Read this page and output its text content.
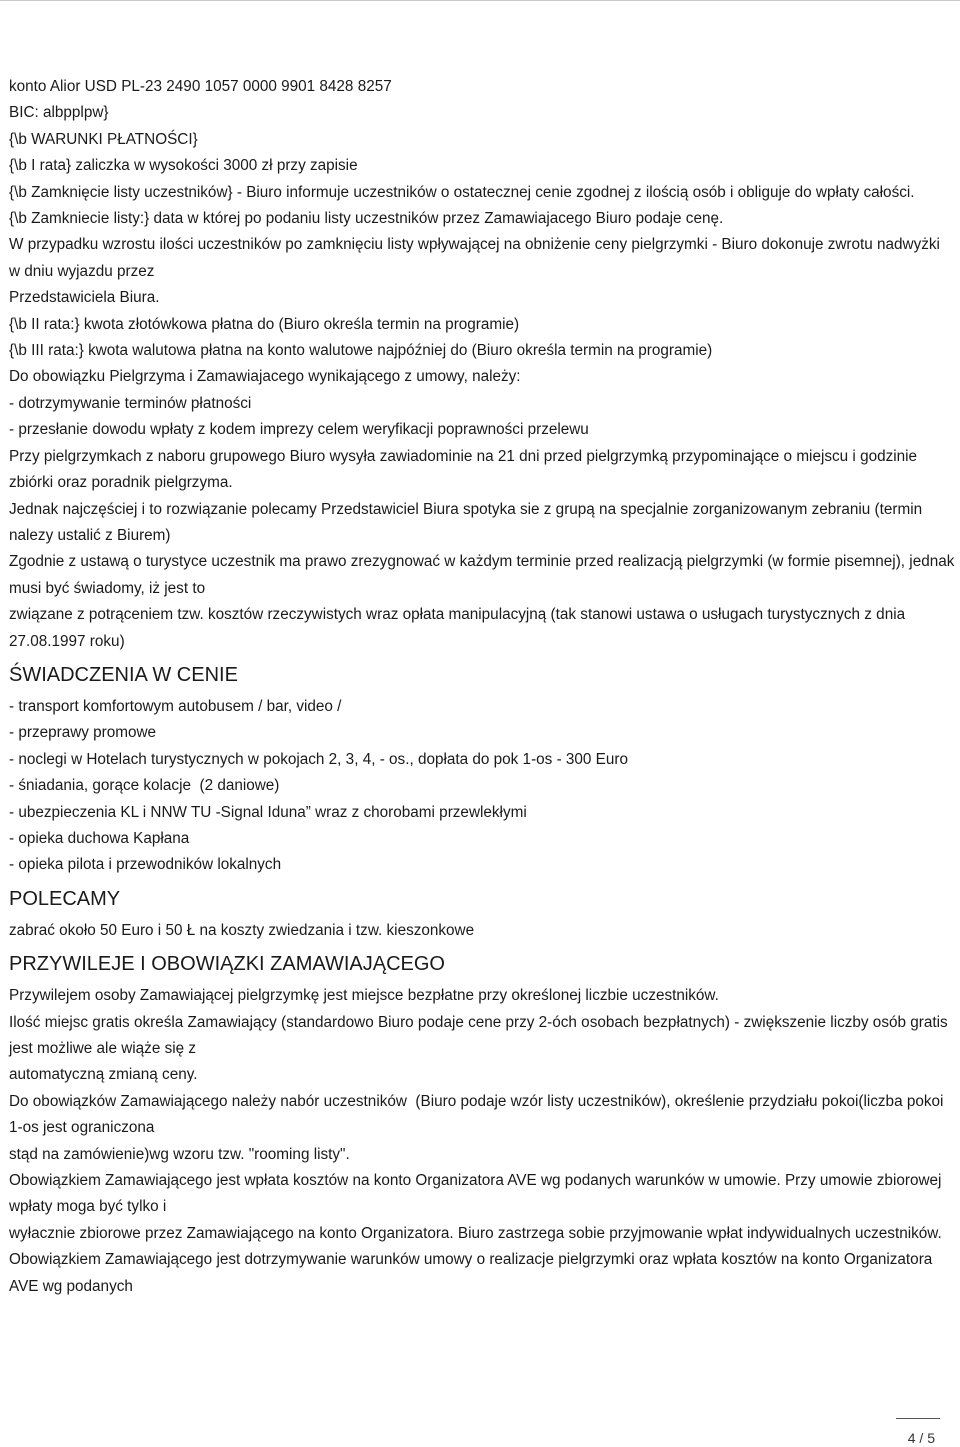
konto Alior USD PL-23 2490 1057 0000 9901 8428 8257
BIC: albpplpw}
{\b WARUNKI PŁATNOŚCI}
{\b I rata} zaliczka w wysokości 3000 zł przy zapisie
{\b Zamknięcie listy uczestników} - Biuro informuje uczestników o ostatecznej cenie zgodnej z ilością osób i obliguje do wpłaty całości.
{\b Zamkniecie listy:} data w której po podaniu listy uczestników przez Zamawiajacego Biuro podaje cenę.
W przypadku wzrostu ilości uczestników po zamknięciu listy wpływającej na obniżenie ceny pielgrzymki - Biuro dokonuje zwrotu nadwyżki w dniu wyjazdu przez
Przedstawiciela Biura.
{\b II rata:} kwota złotówkowa płatna do (Biuro określa termin na programie)
{\b III rata:} kwota walutowa płatna na konto walutowe najpóźniej do (Biuro określa termin na programie)
Do obowiązku Pielgrzyma i Zamawiajacego wynikającego z umowy, należy:
- dotrzymywanie terminów płatności
- przesłanie dowodu wpłaty z kodem imprezy celem weryfikacji poprawności przelewu
Przy pielgrzymkach z naboru grupowego Biuro wysyła zawiadominie na 21 dni przed pielgrzymką przypominające o miejscu i godzinie zbiórki oraz poradnik pielgrzyma.
Jednak najczęściej i to rozwiązanie polecamy Przedstawiciel Biura spotyka sie z grupą na specjalnie zorganizowanym zebraniu (termin nalezy ustalić z Biurem)
Zgodnie z ustawą o turystyce uczestnik ma prawo zrezygnować w każdym terminie przed realizacją pielgrzymki (w formie pisemnej), jednak musi być świadomy, iż jest to
związane z potrąceniem tzw. kosztów rzeczywistych wraz opłata manipulacyjną (tak stanowi ustawa o usługach turystycznych z dnia 27.08.1997 roku)
ŚWIADCZENIA W CENIE
- transport komfortowym autobusem / bar, video /
- przeprawy promowe
- noclegi w Hotelach turystycznych w pokojach 2, 3, 4, - os., dopłata do pok 1-os - 300 Euro
- śniadania, gorące kolacje  (2 daniowe)
- ubezpieczenia KL i NNW TU -Signal Iduna” wraz z chorobami przewlekłymi
- opieka duchowa Kapłana
- opieka pilota i przewodników lokalnych
POLECAMY
zabrać około 50 Euro i 50 Ł na koszty zwiedzania i tzw. kieszonkowe
PRZYWILEJE I OBOWIĄZKI ZAMAWIAJĄCEGO
Przywilejem osoby Zamawiającej pielgrzymkę jest miejsce bezpłatne przy określonej liczbie uczestników.
Ilość miejsc gratis określa Zamawiający (standardowo Biuro podaje cene przy 2-óch osobach bezpłatnych) - zwiększenie liczby osób gratis jest możliwe ale wiąże się z
automatyczną zmianą ceny.
Do obowiązków Zamawiającego należy nabór uczestników  (Biuro podaje wzór listy uczestników), określenie przydziału pokoi(liczba pokoi 1-os jest ograniczona
stąd na zamówienie)wg wzoru tzw. "rooming listy".
Obowiązkiem Zamawiającego jest wpłata kosztów na konto Organizatora AVE wg podanych warunków w umowie. Przy umowie zbiorowej wpłaty moga być tylko i
wyłacznie zbiorowe przez Zamawiającego na konto Organizatora. Biuro zastrzega sobie przyjmowanie wpłat indywidualnych uczestników.
Obowiązkiem Zamawiającego jest dotrzymywanie warunków umowy o realizacje pielgrzymki oraz wpłata kosztów na konto Organizatora AVE wg podanych
4 / 5
